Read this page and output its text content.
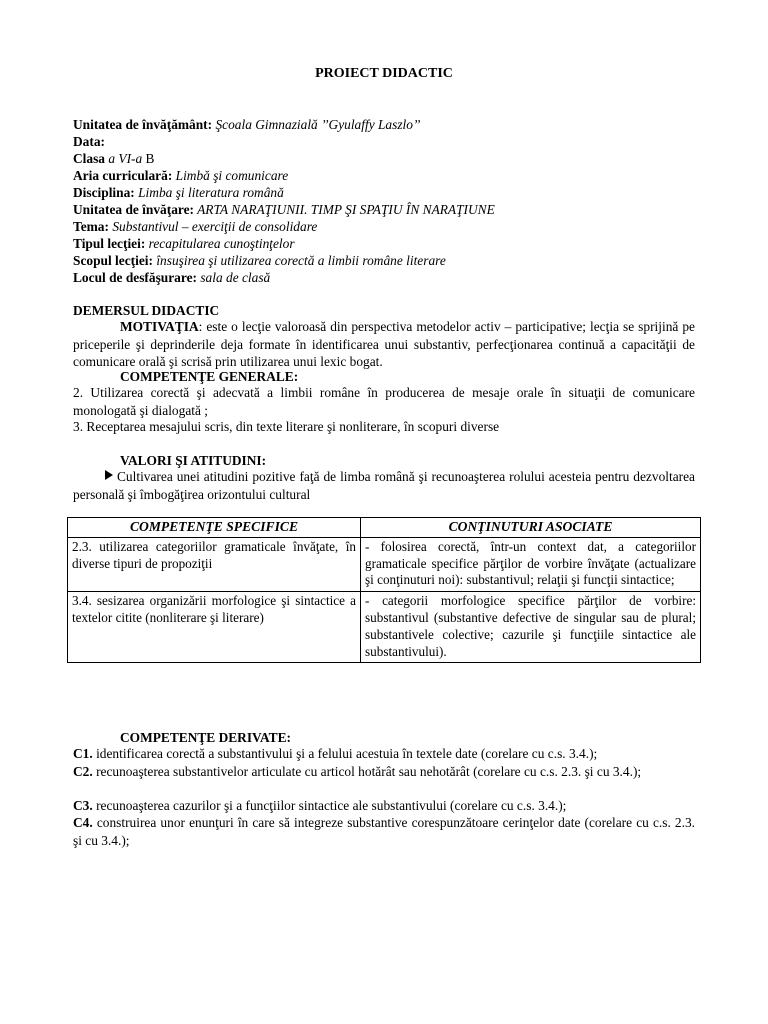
PROIECT DIDACTIC
Unitatea de învăţământ: Şcoala Gimnazială ’’Gyulaffy Laszlo’’
Data:
Clasa a VI-a B
Aria curriculară: Limbă şi comunicare
Disciplina: Limba şi literatura română
Unitatea de învăţare: ARTA NARAŢIUNII. TIMP ŞI SPAŢIU ÎN NARAŢIUNE
Tema: Substantivul – exerciţii de consolidare
Tipul lecţiei: recapitularea cunoştinţelor
Scopul lecţiei: însuşirea şi utilizarea corectă a limbii române literare
Locul de desfăşurare: sala de clasă
DEMERSUL DIDACTIC
MOTIVAŢIA: este o lecţie valoroasă din perspectiva metodelor activ – participative; lecţia se sprijină pe priceperile şi deprinderile deja formate în identificarea unui substantiv, perfecţionarea continuă a capacităţii de comunicare orală şi scrisă prin utilizarea unui lexic bogat.
COMPETENŢE GENERALE:
2. Utilizarea corectă şi adecvată a limbii române în producerea de mesaje orale în situaţii de comunicare monologată şi dialogată ;
3. Receptarea mesajului scris, din texte literare şi nonliterare, în scopuri diverse
VALORI ŞI ATITUDINI:
Cultivarea unei atitudini pozitive faţă de limba română şi recunoaşterea rolului acesteia pentru dezvoltarea personală şi îmbogăţirea orizontului cultural
COMPETENŢE SPECIFICE	CONŢINUTURI ASOCIATE
2.3. utilizarea categoriilor gramaticale învăţate, în diverse tipuri de propoziţii	- folosirea corectă, într-un context dat, a categoriilor gramaticale specifice părţilor de vorbire învăţate (actualizare şi conţinuturi noi): substantivul; relaţii şi funcţii sintactice;
3.4. sesizarea organizării morfologice şi sintactice a textelor citite (nonliterare şi literare)	- categorii morfologice specifice părţilor de vorbire: substantivul (substantive defective de singular sau de plural; substantivele colective; cazurile şi funcţiile sintactice ale substantivului).
COMPETENŢE DERIVATE:
C1. identificarea corectă a substantivului şi a felului acestuia în textele date (corelare cu c.s. 3.4.);
C2. recunoaşterea substantivelor articulate cu articol hotărât sau nehotărât (corelare cu c.s. 2.3. şi cu 3.4.);
C3. recunoaşterea cazurilor şi a funcţiilor sintactice ale substantivului (corelare cu c.s. 3.4.);
C4. construirea unor enunţuri în care să integreze substantive corespunzătoare cerinţelor date (corelare cu c.s. 2.3. şi cu 3.4.);
